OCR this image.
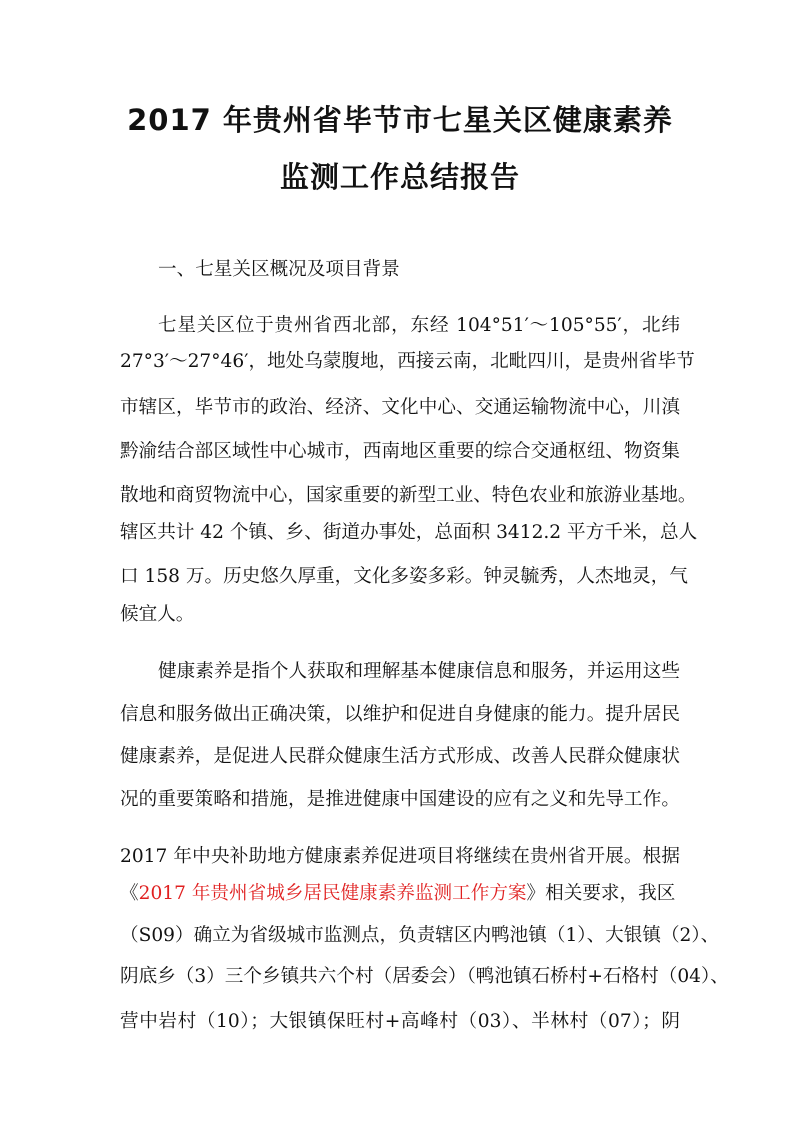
2017 年贵州省毕节市七星关区健康素养
监测工作总结报告
一、七星关区概况及项目背景
七星关区位于贵州省西北部，东经 104°51′～105°55′，北纬
27°3′～27°46′，地处乌蒙腹地，西接云南，北毗四川，是贵州省毕节
市辖区，毕节市的政治、经济、文化中心、交通运输物流中心，川滇
黔渝结合部区域性中心城市，西南地区重要的综合交通枢纽、物资集
散地和商贸物流中心，国家重要的新型工业、特色农业和旅游业基地。
辖区共计 42 个镇、乡、街道办事处，总面积 3412.2 平方千米，总人
口 158 万。历史悠久厚重，文化多姿多彩。钟灵毓秀，人杰地灵，气
候宜人。
健康素养是指个人获取和理解基本健康信息和服务，并运用这些
信息和服务做出正确决策，以维护和促进自身健康的能力。提升居民
健康素养，是促进人民群众健康生活方式形成、改善人民群众健康状
况的重要策略和措施，是推进健康中国建设的应有之义和先导工作。
2017 年中央补助地方健康素养促进项目将继续在贵州省开展。根据
《2017 年贵州省城乡居民健康素养监测工作方案》相关要求，我区
（S09）确立为省级城市监测点，负责辖区内鸭池镇（1）、大银镇（2）、
阴底乡（3）三个乡镇共六个村（居委会）（鸭池镇石桥村+石格村（04）、
营中岩村（10）；大银镇保旺村+高峰村（03）、半林村（07）；阴
